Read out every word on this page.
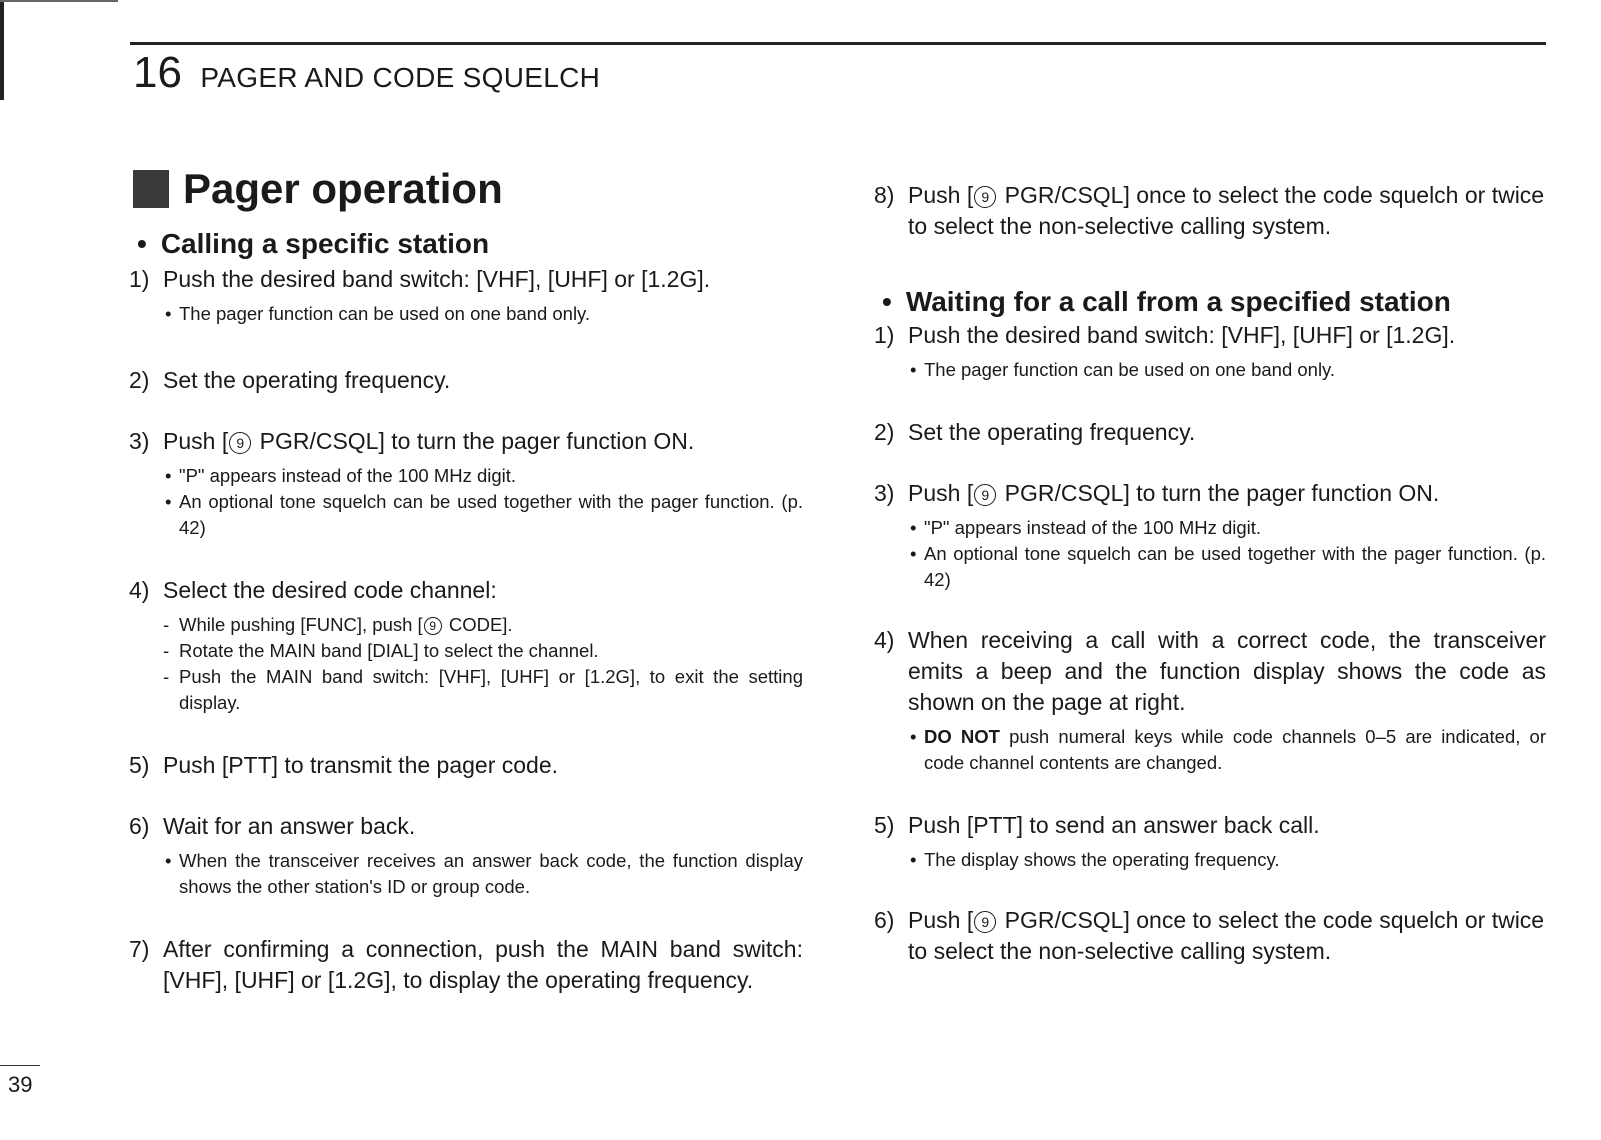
16 PAGER AND CODE SQUELCH
Pager operation
• Calling a specific station
1) Push the desired band switch: [VHF], [UHF] or [1.2G].
• The pager function can be used on one band only.
2) Set the operating frequency.
3) Push [ 9 PGR/CSQL] to turn the pager function ON.
• "P" appears instead of the 100 MHz digit.
• An optional tone squelch can be used together with the pager function. (p. 42)
4) Select the desired code channel:
- While pushing [FUNC], push [ 9 CODE].
- Rotate the MAIN band [DIAL] to select the channel.
- Push the MAIN band switch: [VHF], [UHF] or [1.2G], to exit the setting display.
5) Push [PTT] to transmit the pager code.
6) Wait for an answer back.
• When the transceiver receives an answer back code, the function display shows the other station's ID or group code.
7) After confirming a connection, push the MAIN band switch: [VHF], [UHF] or [1.2G], to display the operating frequency.
8) Push [ 9 PGR/CSQL] once to select the code squelch or twice to select the non-selective calling system.
• Waiting for a call from a specified station
1) Push the desired band switch: [VHF], [UHF] or [1.2G].
• The pager function can be used on one band only.
2) Set the operating frequency.
3) Push [ 9 PGR/CSQL] to turn the pager function ON.
• "P" appears instead of the 100 MHz digit.
• An optional tone squelch can be used together with the pager function. (p. 42)
4) When receiving a call with a correct code, the transceiver emits a beep and the function display shows the code as shown on the page at right.
• DO NOT push numeral keys while code channels 0–5 are indicated, or code channel contents are changed.
5) Push [PTT] to send an answer back call.
• The display shows the operating frequency.
6) Push [ 9 PGR/CSQL] once to select the code squelch or twice to select the non-selective calling system.
39
